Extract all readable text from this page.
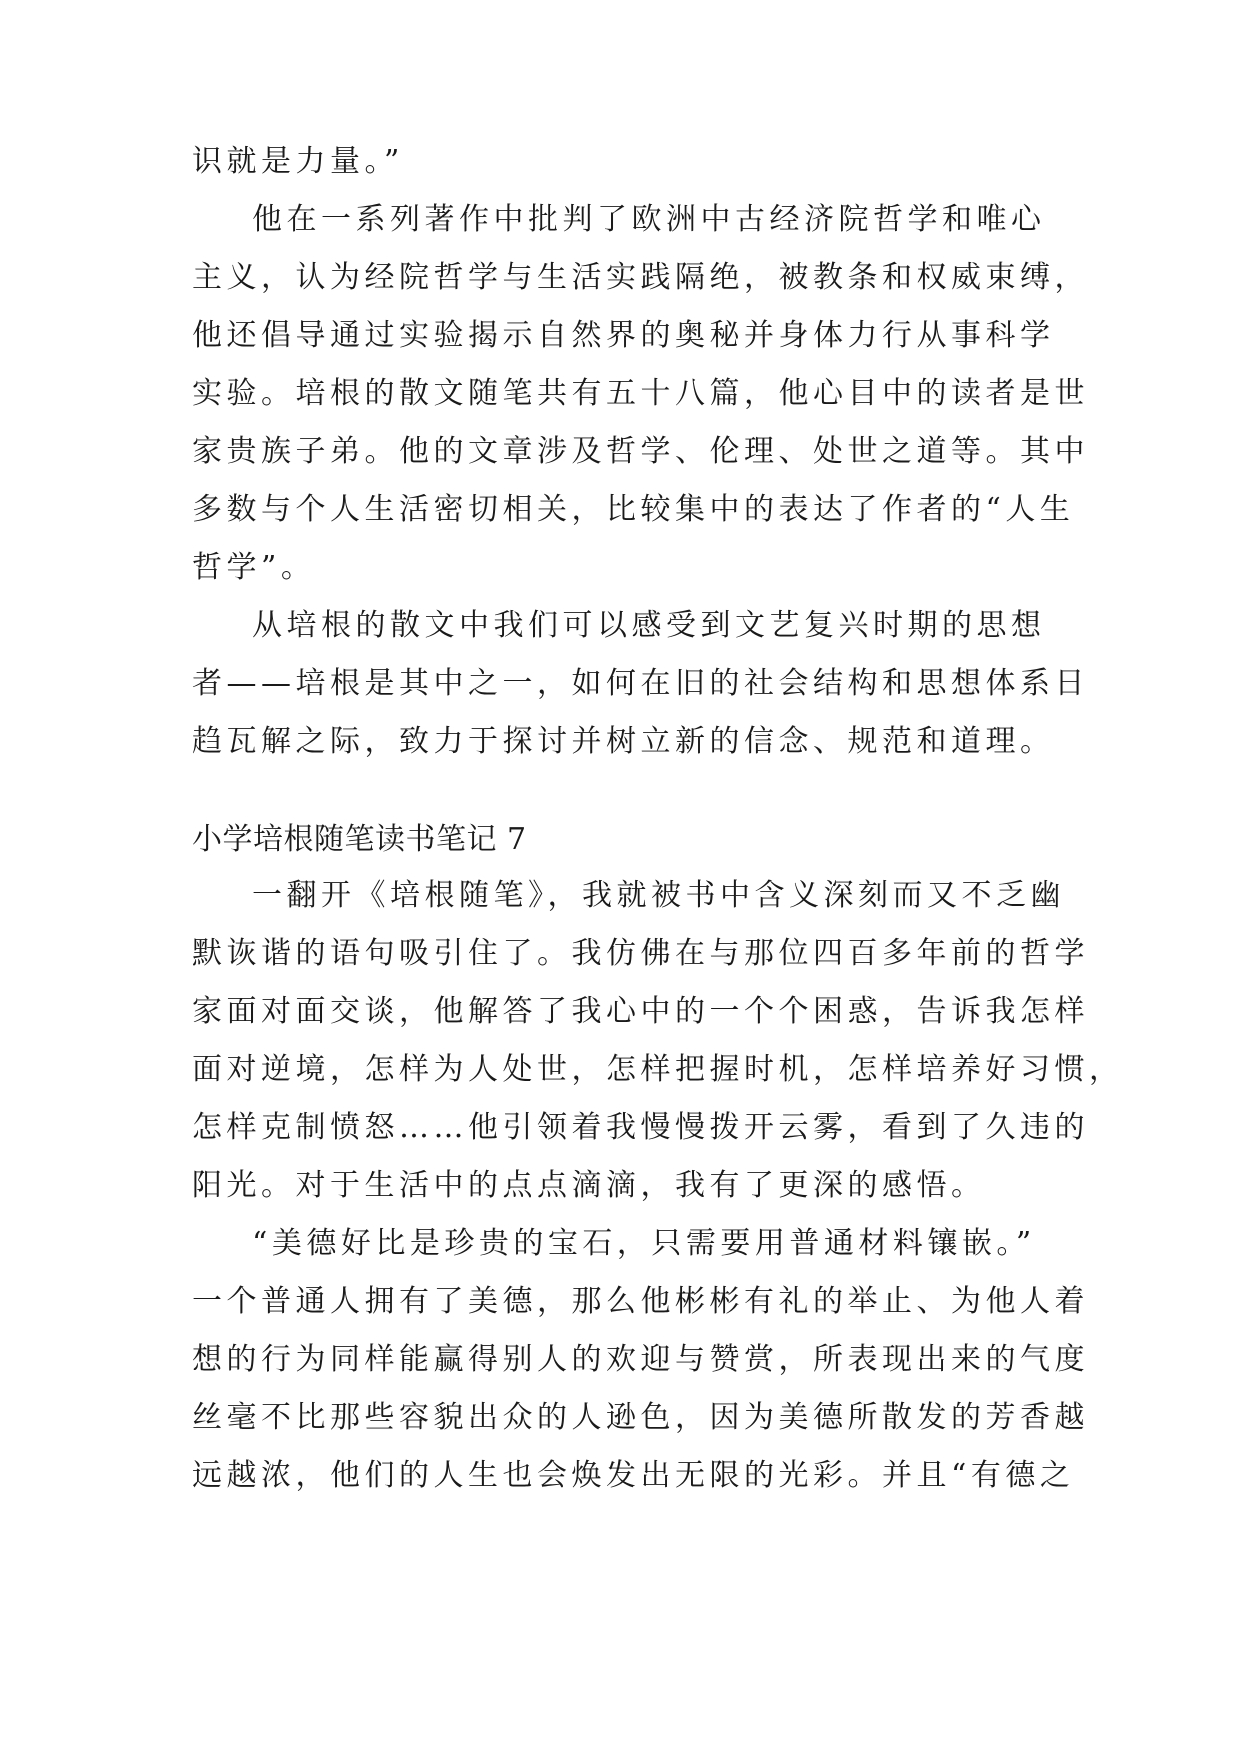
识就是力量。”
他在一系列著作中批判了欧洲中古经济院哲学和唯心
主义，认为经院哲学与生活实践隔绝，被教条和权威束缚，
他还倡导通过实验揭示自然界的奥秘并身体力行从事科学
实验。培根的散文随笔共有五十八篇，他心目中的读者是世
家贵族子弟。他的文章涉及哲学、伦理、处世之道等。其中
多数与个人生活密切相关，比较集中的表达了作者的“人生
哲学”。
从培根的散文中我们可以感受到文艺复兴时期的思想
者——培根是其中之一，如何在旧的社会结构和思想体系日
趋瓦解之际，致力于探讨并树立新的信念、规范和道理。
小学培根随笔读书笔记 7
一翻开《培根随笔》，我就被书中含义深刻而又不乏幽
默诙谐的语句吸引住了。我仿佛在与那位四百多年前的哲学
家面对面交谈，他解答了我心中的一个个困惑，告诉我怎样
面对逆境，怎样为人处世，怎样把握时机，怎样培养好习惯，
怎样克制愤怒……他引领着我慢慢拨开云雾，看到了久违的
阳光。对于生活中的点点滴滴，我有了更深的感悟。
“美德好比是珍贵的宝石，只需要用普通材料镶嵌。”
一个普通人拥有了美德，那么他彬彬有礼的举止、为他人着
想的行为同样能赢得别人的欢迎与赞赏，所表现出来的气度
丝毫不比那些容貌出众的人逊色，因为美德所散发的芳香越
远越浓，他们的人生也会焕发出无限的光彩。并且“有德之
